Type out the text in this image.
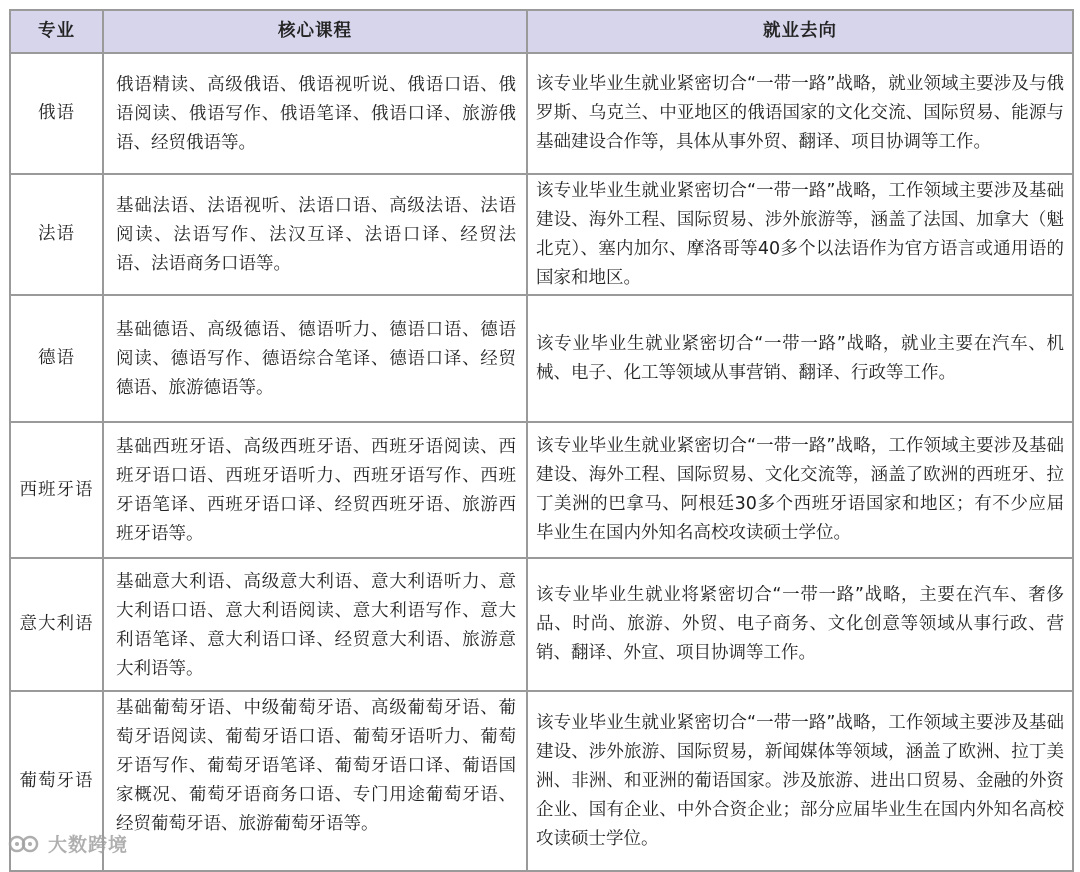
专业	核心课程	就业去向
俄语	俄语精读、高级俄语、俄语视听说、俄语口语、俄语阅读、俄语写作、俄语笔译、俄语口译、旅游俄语、经贸俄语等。	该专业毕业生就业紧密切合“一带一路”战略，就业领域主要涉及与俄罗斯、乌克兰、中亚地区的俄语国家的文化交流、国际贸易、能源与基础建设合作等，具体从事外贸、翻译、项目协调等工作。
法语	基础法语、法语视听、法语口语、高级法语、法语阅读、法语写作、法汉互译、法语口译、经贸法语、法语商务口语等。	该专业毕业生就业紧密切合“一带一路”战略，工作领域主要涉及基础建设、海外工程、国际贸易、涉外旅游等，涵盖了法国、加拿大（魁北克）、塞内加尔、摩洛哥等40多个以法语作为官方语言或通用语的国家和地区。
德语	基础德语、高级德语、德语听力、德语口语、德语阅读、德语写作、德语综合笔译、德语口译、经贸德语、旅游德语等。	该专业毕业生就业紧密切合“一带一路”战略，就业主要在汽车、机械、电子、化工等领域从事营销、翻译、行政等工作。
西班牙语	基础西班牙语、高级西班牙语、西班牙语阅读、西班牙语口语、西班牙语听力、西班牙语写作、西班牙语笔译、西班牙语口译、经贸西班牙语、旅游西班牙语等。	该专业毕业生就业紧密切合“一带一路”战略，工作领域主要涉及基础建设、海外工程、国际贸易、文化交流等，涵盖了欧洲的西班牙、拉丁美洲的巴拿马、阿根廷30多个西班牙语国家和地区；有不少应届毕业生在国内外知名高校攻读硕士学位。
意大利语	基础意大利语、高级意大利语、意大利语听力、意大利语口语、意大利语阅读、意大利语写作、意大利语笔译、意大利语口译、经贸意大利语、旅游意大利语等。	该专业毕业生就业将紧密切合“一带一路”战略，主要在汽车、奢侈品、时尚、旅游、外贸、电子商务、文化创意等领域从事行政、营销、翻译、外宣、项目协调等工作。
葡萄牙语	基础葡萄牙语、中级葡萄牙语、高级葡萄牙语、葡萄牙语阅读、葡萄牙语口语、葡萄牙语听力、葡萄牙语写作、葡萄牙语笔译、葡萄牙语口译、葡语国家概况、葡萄牙语商务口语、专门用途葡萄牙语、经贸葡萄牙语、旅游葡萄牙语等。	该专业毕业生就业紧密切合“一带一路”战略，工作领域主要涉及基础建设、涉外旅游、国际贸易，新闻媒体等领域，涵盖了欧洲、拉丁美洲、非洲、和亚洲的葡语国家。涉及旅游、进出口贸易、金融的外资企业、国有企业、中外合资企业；部分应届毕业生在国内外知名高校攻读硕士学位。
大数跨境
